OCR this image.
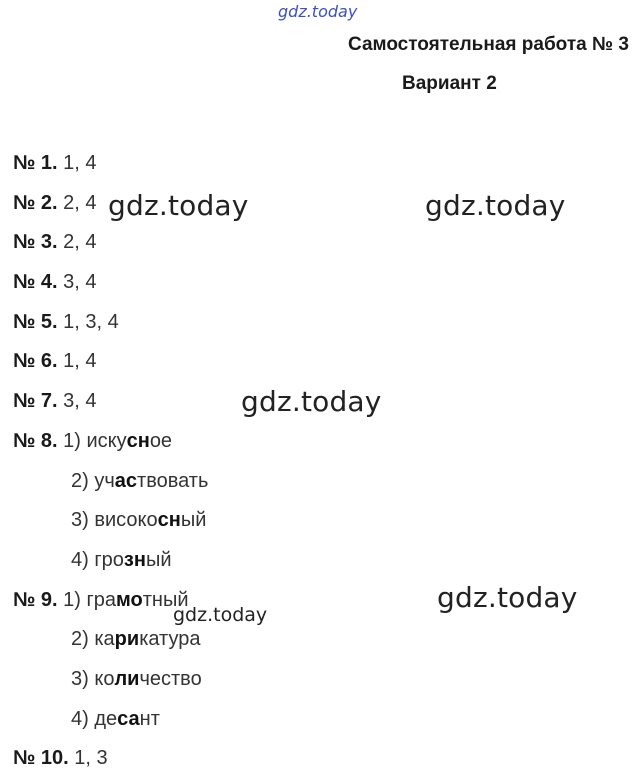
gdz.today
gdz.today	gdz.today
gdz.today
gdz.today
gdz.today
Самостоятельная работа № 3
Вариант 2
№ 1. 1, 4
№ 2. 2, 4
№ 3. 2, 4
№ 4. 3, 4
№ 5. 1, 3, 4
№ 6. 1, 4
№ 7. 3, 4
№ 8. 1) искусное
2) участвовать
3) високосный
4) грозный
№ 9. 1) грамотный
2) карикатура
3) количество
4) десант
№ 10. 1, 3
